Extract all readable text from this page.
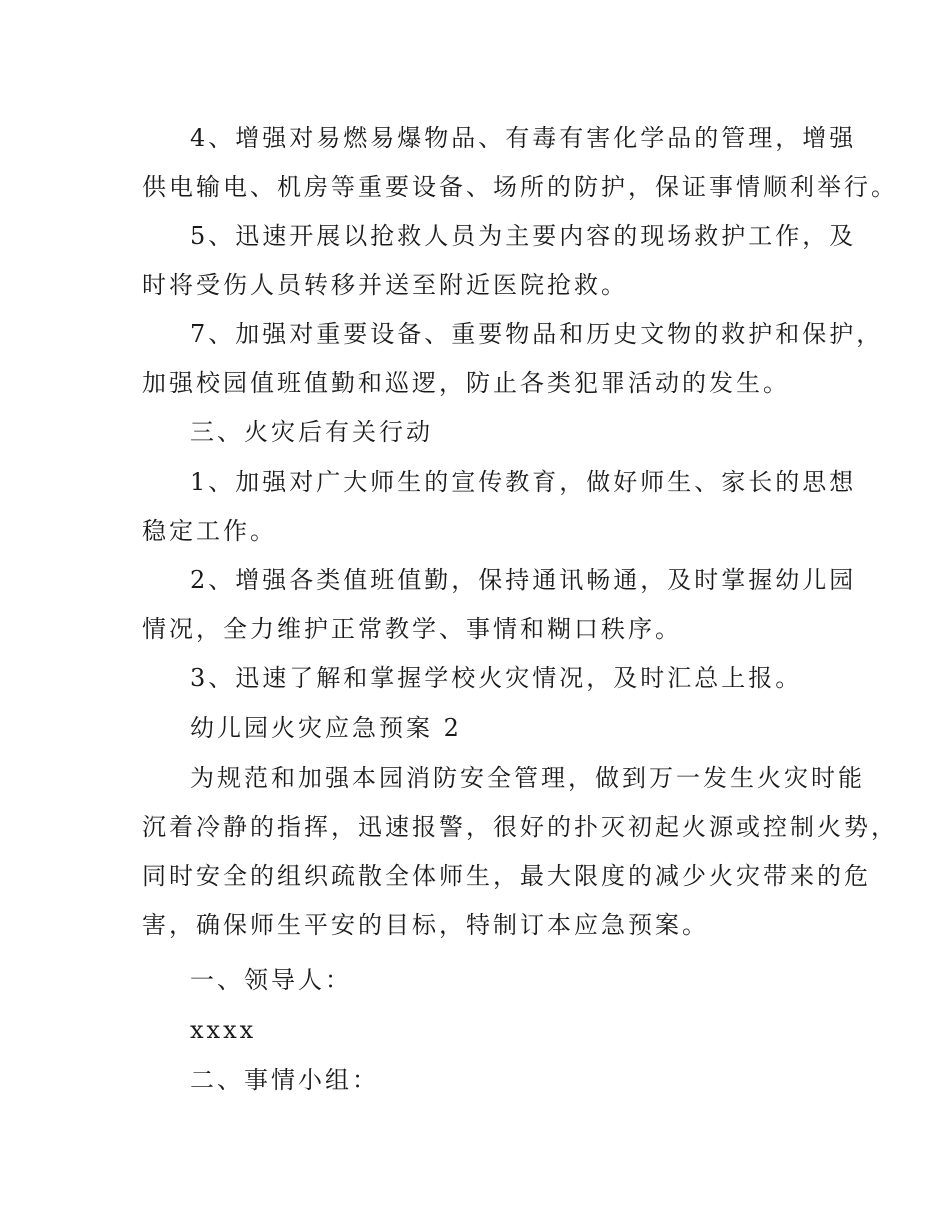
4、增强对易燃易爆物品、有毒有害化学品的管理，增强
供电输电、机房等重要设备、场所的防护，保证事情顺利举行。

5、迅速开展以抢救人员为主要内容的现场救护工作，及
时将受伤人员转移并送至附近医院抢救。

7、加强对重要设备、重要物品和历史文物的救护和保护，
加强校园值班值勤和巡逻，防止各类犯罪活动的发生。

三、火灾后有关行动

1、加强对广大师生的宣传教育，做好师生、家长的思想
稳定工作。

2、增强各类值班值勤，保持通讯畅通，及时掌握幼儿园
情况，全力维护正常教学、事情和糊口秩序。

3、迅速了解和掌握学校火灾情况，及时汇总上报。

幼儿园火灾应急预案 2

为规范和加强本园消防安全管理，做到万一发生火灾时能
沉着冷静的指挥，迅速报警，很好的扑灭初起火源或控制火势，
同时安全的组织疏散全体师生，最大限度的减少火灾带来的危
害，确保师生平安的目标，特制订本应急预案。

一、领导人：

xxxx

二、事情小组：
